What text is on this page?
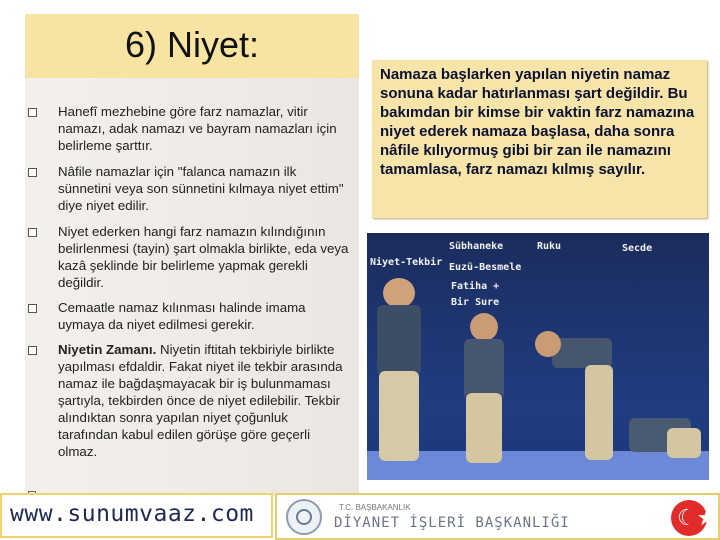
6) Niyet:
Hanefî mezhebine göre farz namazlar, vitir namazı, adak namazı ve bayram namazları için belirleme şarttır.
Nâfile namazlar için "falanca namazın ilk sünnetini veya son sünnetini kılmaya niyet ettim" diye niyet edilir.
Niyet ederken hangi farz namazın kılındığının belirlenmesi (tayin) şart olmakla birlikte, eda veya kazâ şeklinde bir belirleme yapmak gerekli değildir.
Cemaatle namaz kılınması halinde imama uymaya da niyet edilmesi gerekir.
Niyetin Zamanı. Niyetin iftitah tekbiriyle birlikte yapılması efdaldir. Fakat niyet ile tekbir arasında namaz ile bağdaşmayacak bir iş bulunmaması şartıyla, tekbirden önce de niyet edilebilir. Tekbir alındıktan sonra yapılan niyet çoğunluk tarafından kabul edilen görüşe göre geçerli olmaz.
Namaza başlarken yapılan niyetin namaz sonuna kadar hatırlanması şart değildir. Bu bakımdan bir kimse bir vaktin farz namazına niyet ederek namaza başlasa, daha sonra nâfile kılıyormuş gibi bir zan ile namazını tamamlasa, farz namazı kılmış sayılır.
Niyet-Tekbir
Sübhaneke
Euzü-Besmele
Fatiha +
Bir Sure
Ruku	Secde
www.sunumvaaz.com	T.C. BAŞBAKANLIK
DİYANET İŞLERİ BAŞKANLIĞI	☾★
